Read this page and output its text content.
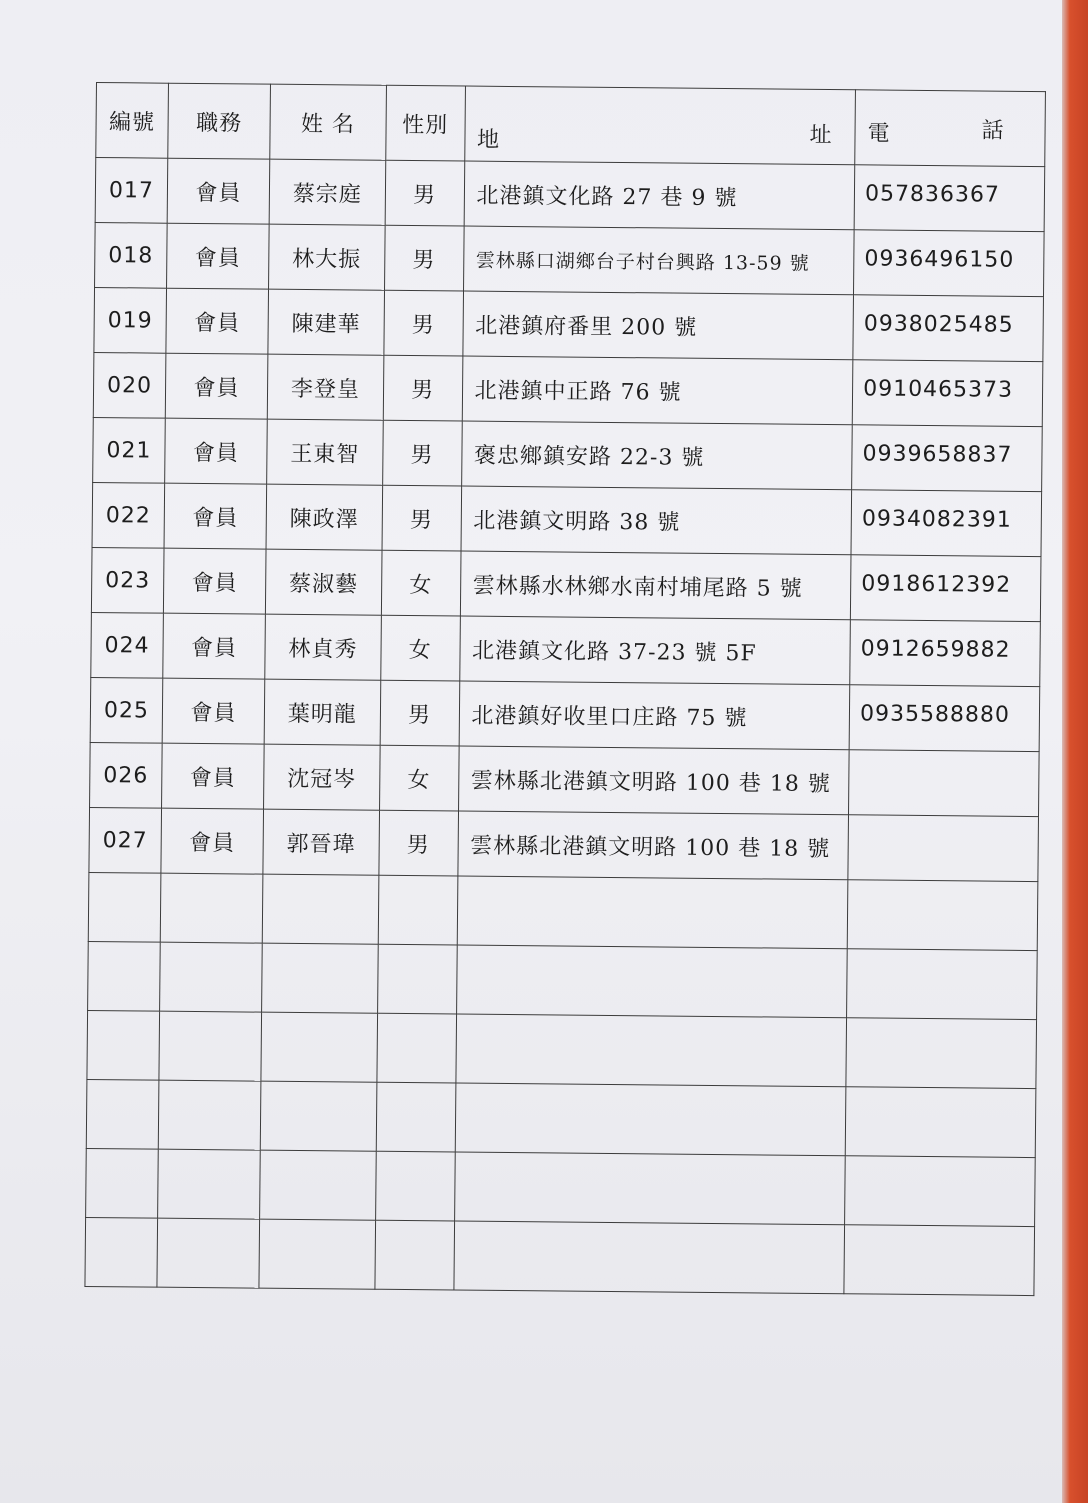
編號	職務	姓 名	性別	地 址	電 話

017	會員	蔡宗庭	男	北港鎮文化路 27 巷 9 號	057836367
018	會員	林大振	男	雲林縣口湖鄉台子村台興路 13-59 號	0936496150
019	會員	陳建華	男	北港鎮府番里 200 號	0938025485
020	會員	李登皇	男	北港鎮中正路 76 號	0910465373
021	會員	王東智	男	褒忠鄉鎮安路 22-3 號	0939658837
022	會員	陳政澤	男	北港鎮文明路 38 號	0934082391
023	會員	蔡淑藝	女	雲林縣水林鄉水南村埔尾路 5 號	0918612392
024	會員	林貞秀	女	北港鎮文化路 37-23 號 5F	0912659882
025	會員	葉明龍	男	北港鎮好收里口庄路 75 號	0935588880
026	會員	沈冠岑	女	雲林縣北港鎮文明路 100 巷 18 號	
027	會員	郭晉瑋	男	雲林縣北港鎮文明路 100 巷 18 號	
